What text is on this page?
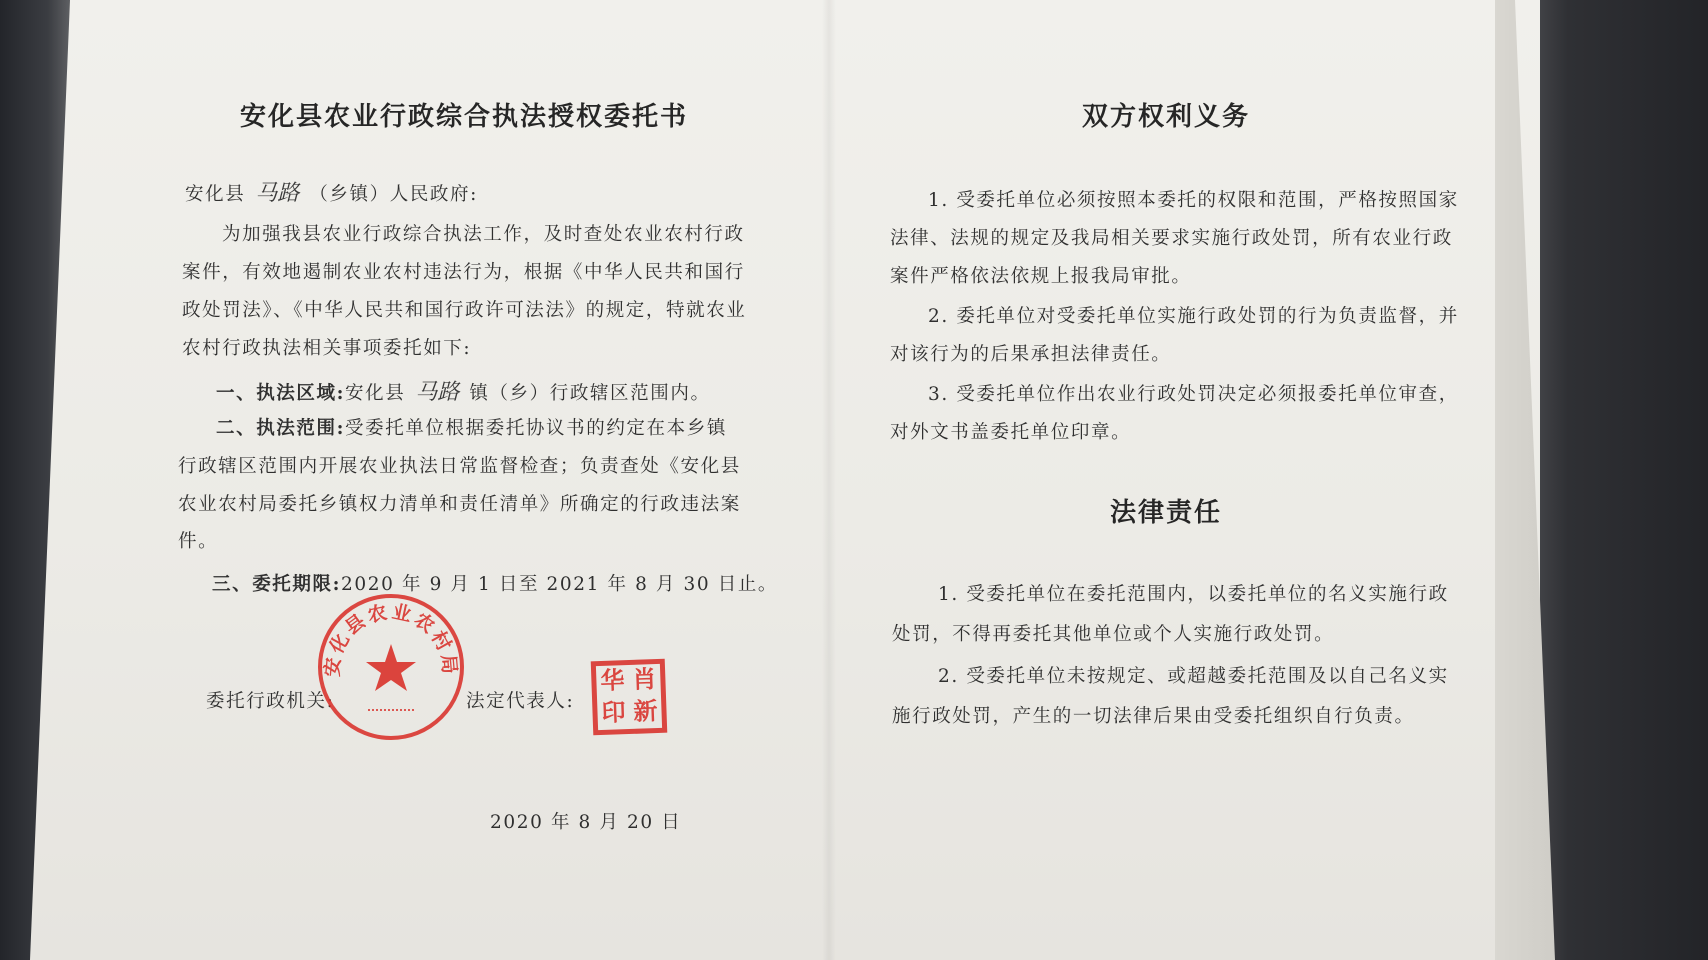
安化县农业行政综合执法授权委托书
安化县 马路 （乡镇）人民政府:
为加强我县农业行政综合执法工作，及时查处农业农村行政
案件，有效地遏制农业农村违法行为，根据《中华人民共和国行
政处罚法》、《中华人民共和国行政许可法法》的规定，特就农业
农村行政执法相关事项委托如下:
一、执法区域:安化县 马路 镇（乡）行政辖区范围内。
二、执法范围:受委托单位根据委托协议书的约定在本乡镇
行政辖区范围内开展农业执法日常监督检查；负责查处《安化县
农业农村局委托乡镇权力清单和责任清单》所确定的行政违法案
件。
三、委托期限:2020 年 9 月 1 日至 2021 年 8 月 30 日止。
委托行政机关:	法定代表人:
安化县农业农村局
华 肖
印 新
2020 年 8 月 20 日
双方权利义务
1. 受委托单位必须按照本委托的权限和范围，严格按照国家
法律、法规的规定及我局相关要求实施行政处罚，所有农业行政
案件严格依法依规上报我局审批。
2. 委托单位对受委托单位实施行政处罚的行为负责监督，并
对该行为的后果承担法律责任。
3. 受委托单位作出农业行政处罚决定必须报委托单位审查，
对外文书盖委托单位印章。
法律责任
1. 受委托单位在委托范围内，以委托单位的名义实施行政
处罚，不得再委托其他单位或个人实施行政处罚。
2. 受委托单位未按规定、或超越委托范围及以自己名义实
施行政处罚，产生的一切法律后果由受委托组织自行负责。
